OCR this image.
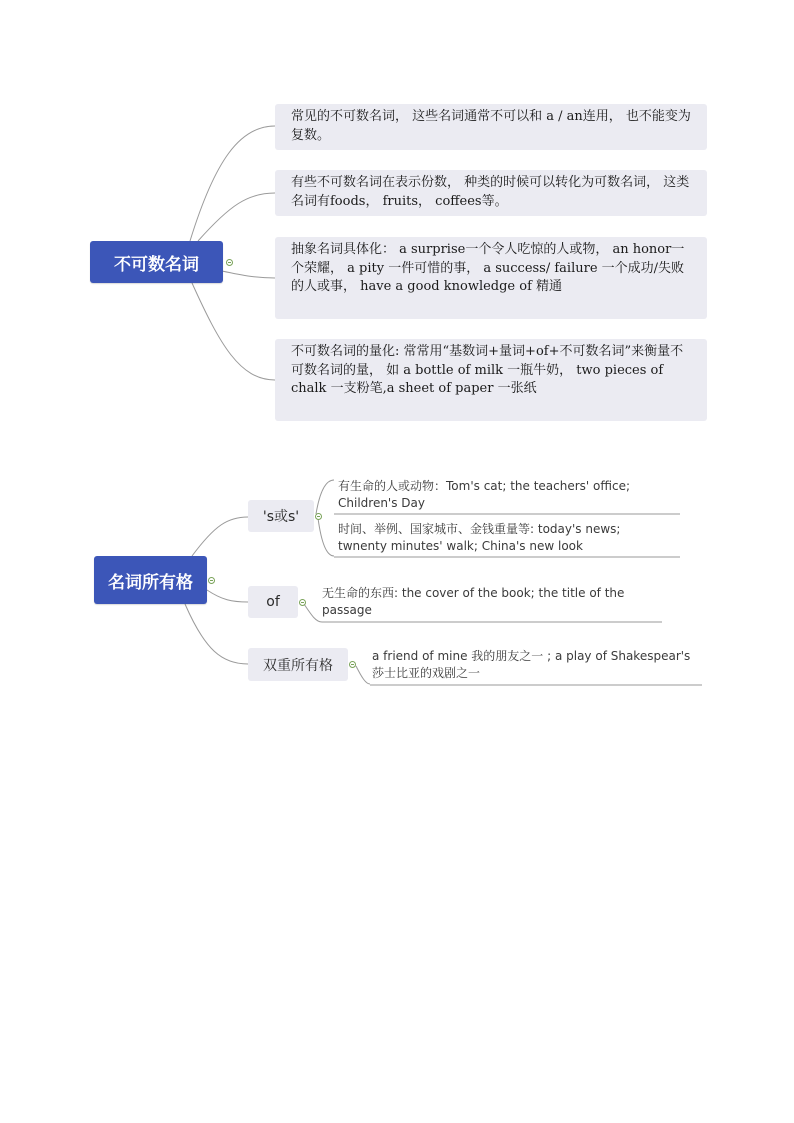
不可数名词
常见的不可数名词， 这些名词通常不可以和 a / an连用， 也不能变为复数。
有些不可数名词在表示份数， 种类的时候可以转化为可数名词， 这类名词有foods， fruits， coffees等。
抽象名词具体化： a surprise一个令人吃惊的人或物， an honor一个荣耀， a pity 一件可惜的事， a success/ failure 一个成功/失败的人或事， have a good knowledge of 精通
不可数名词的量化: 常常用“基数词+量词+of+不可数名词”来衡量不可数名词的量， 如 a bottle of milk 一瓶牛奶， two pieces of chalk 一支粉笔,a sheet of paper 一张纸
名词所有格
's或s'
of
双重所有格
有生命的人或动物：Tom's cat; the teachers' office; Children's Day
时间、举例、国家城市、金钱重量等: today's news; twnenty minutes' walk; China's new look
无生命的东西: the cover of the book; the title of the passage
a friend of mine 我的朋友之一 ; a play of Shakespear's 莎士比亚的戏剧之一
